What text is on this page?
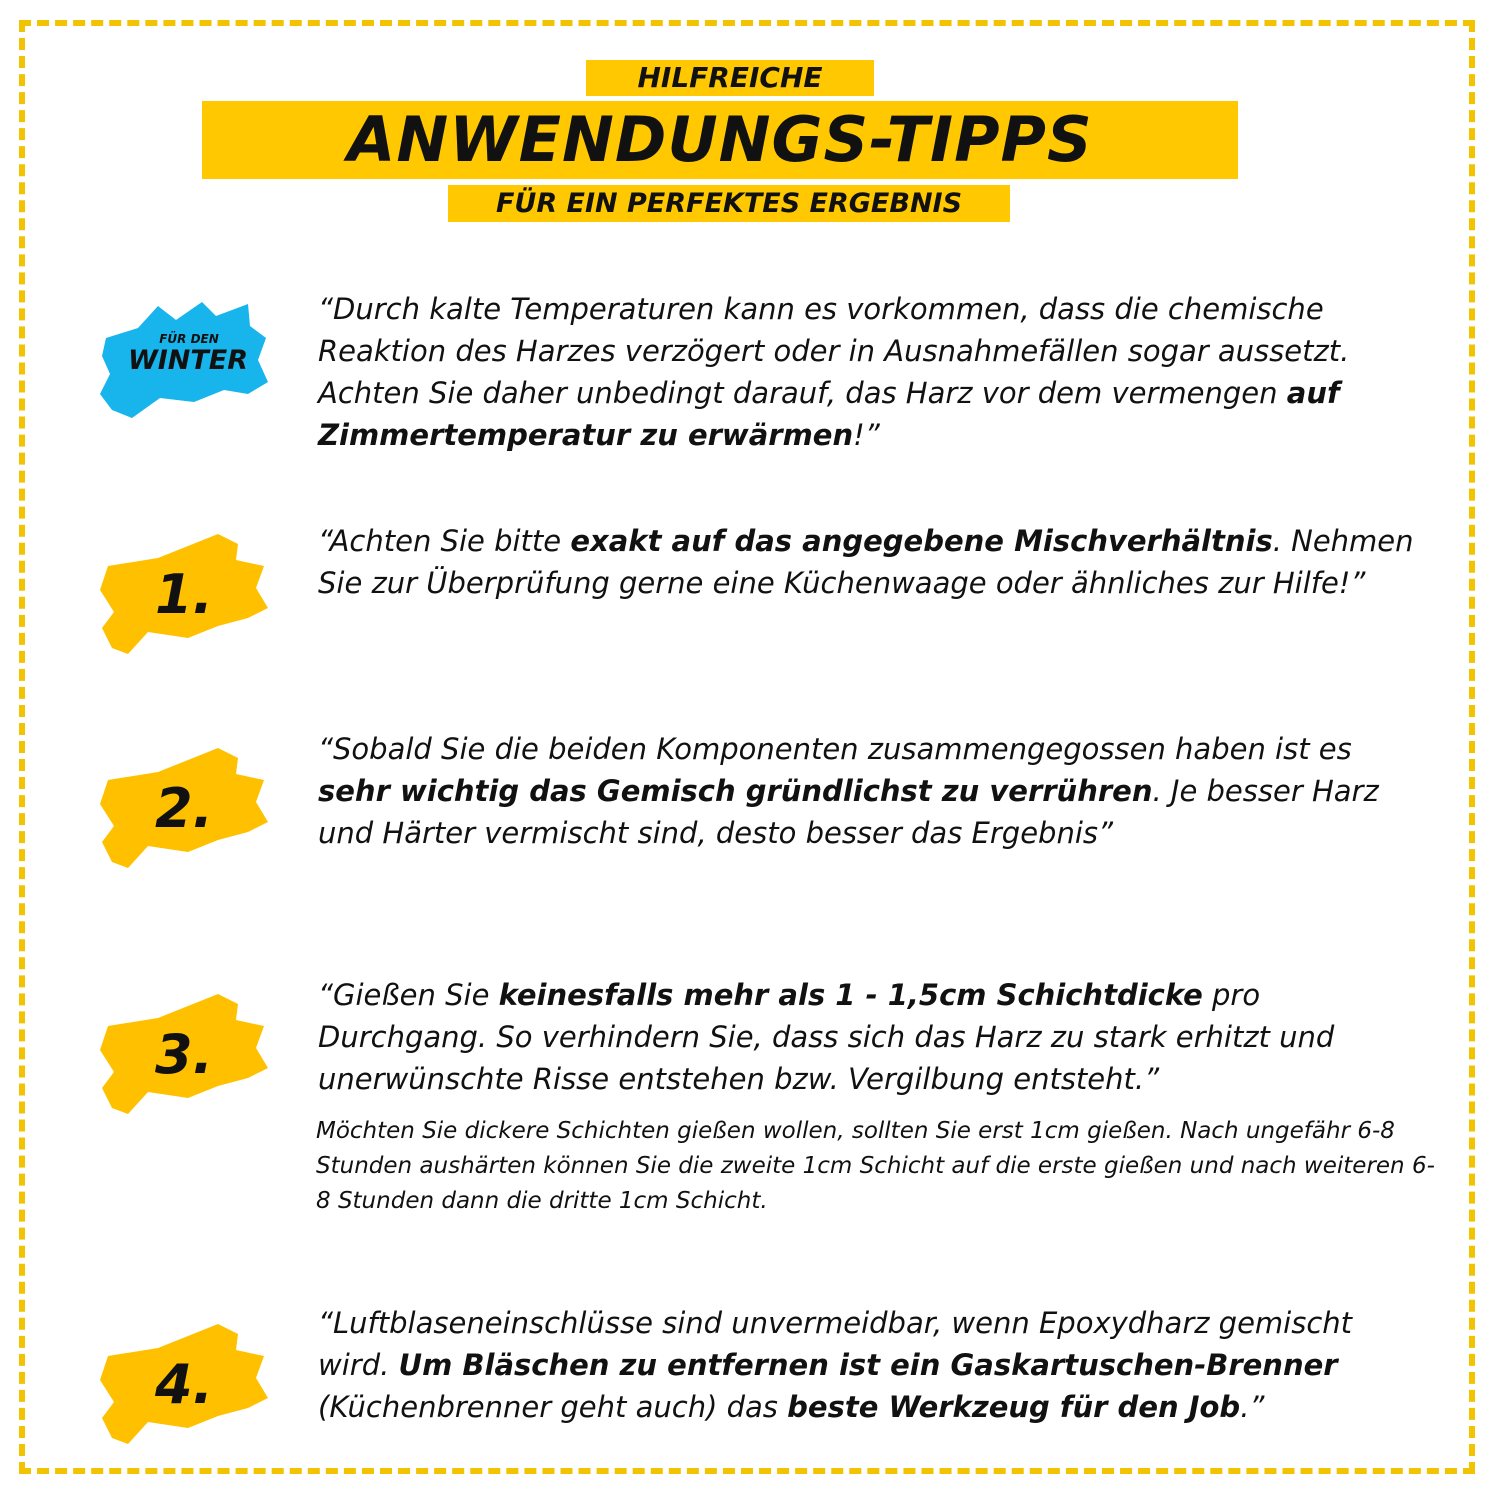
HILFREICHE
ANWENDUNGS-TIPPS
FÜR EIN PERFEKTES ERGEBNIS
FÜR DEN
WINTER
“Durch kalte Temperaturen kann es vorkommen, dass die chemische Reaktion des Harzes verzögert oder in Ausnahmefällen sogar aussetzt. Achten Sie daher unbedingt darauf, das Harz vor dem vermengen auf Zimmertemperatur zu erwärmen!”
1.
“Achten Sie bitte exakt auf das angegebene Mischverhältnis. Nehmen Sie zur Überprüfung gerne eine Küchenwaage oder ähnliches zur Hilfe!”
2.
“Sobald Sie die beiden Komponenten zusammengegossen haben ist es sehr wichtig das Gemisch gründlichst zu verrühren. Je besser Harz und Härter vermischt sind, desto besser das Ergebnis”
3.
“Gießen Sie keinesfalls mehr als 1 - 1,5cm Schichtdicke pro Durchgang. So verhindern Sie, dass sich das Harz zu stark erhitzt und unerwünschte Risse entstehen bzw. Vergilbung entsteht.”
Möchten Sie dickere Schichten gießen wollen, sollten Sie erst 1cm gießen. Nach ungefähr 6-8 Stunden aushärten können Sie die zweite 1cm Schicht auf die erste gießen und nach weiteren 6-8 Stunden dann die dritte 1cm Schicht.
4.
“Luftblaseneinschlüsse sind unvermeidbar, wenn Epoxydharz gemischt wird. Um Bläschen zu entfernen ist ein Gaskartuschen-Brenner (Küchenbrenner geht auch) das beste Werkzeug für den Job.”
